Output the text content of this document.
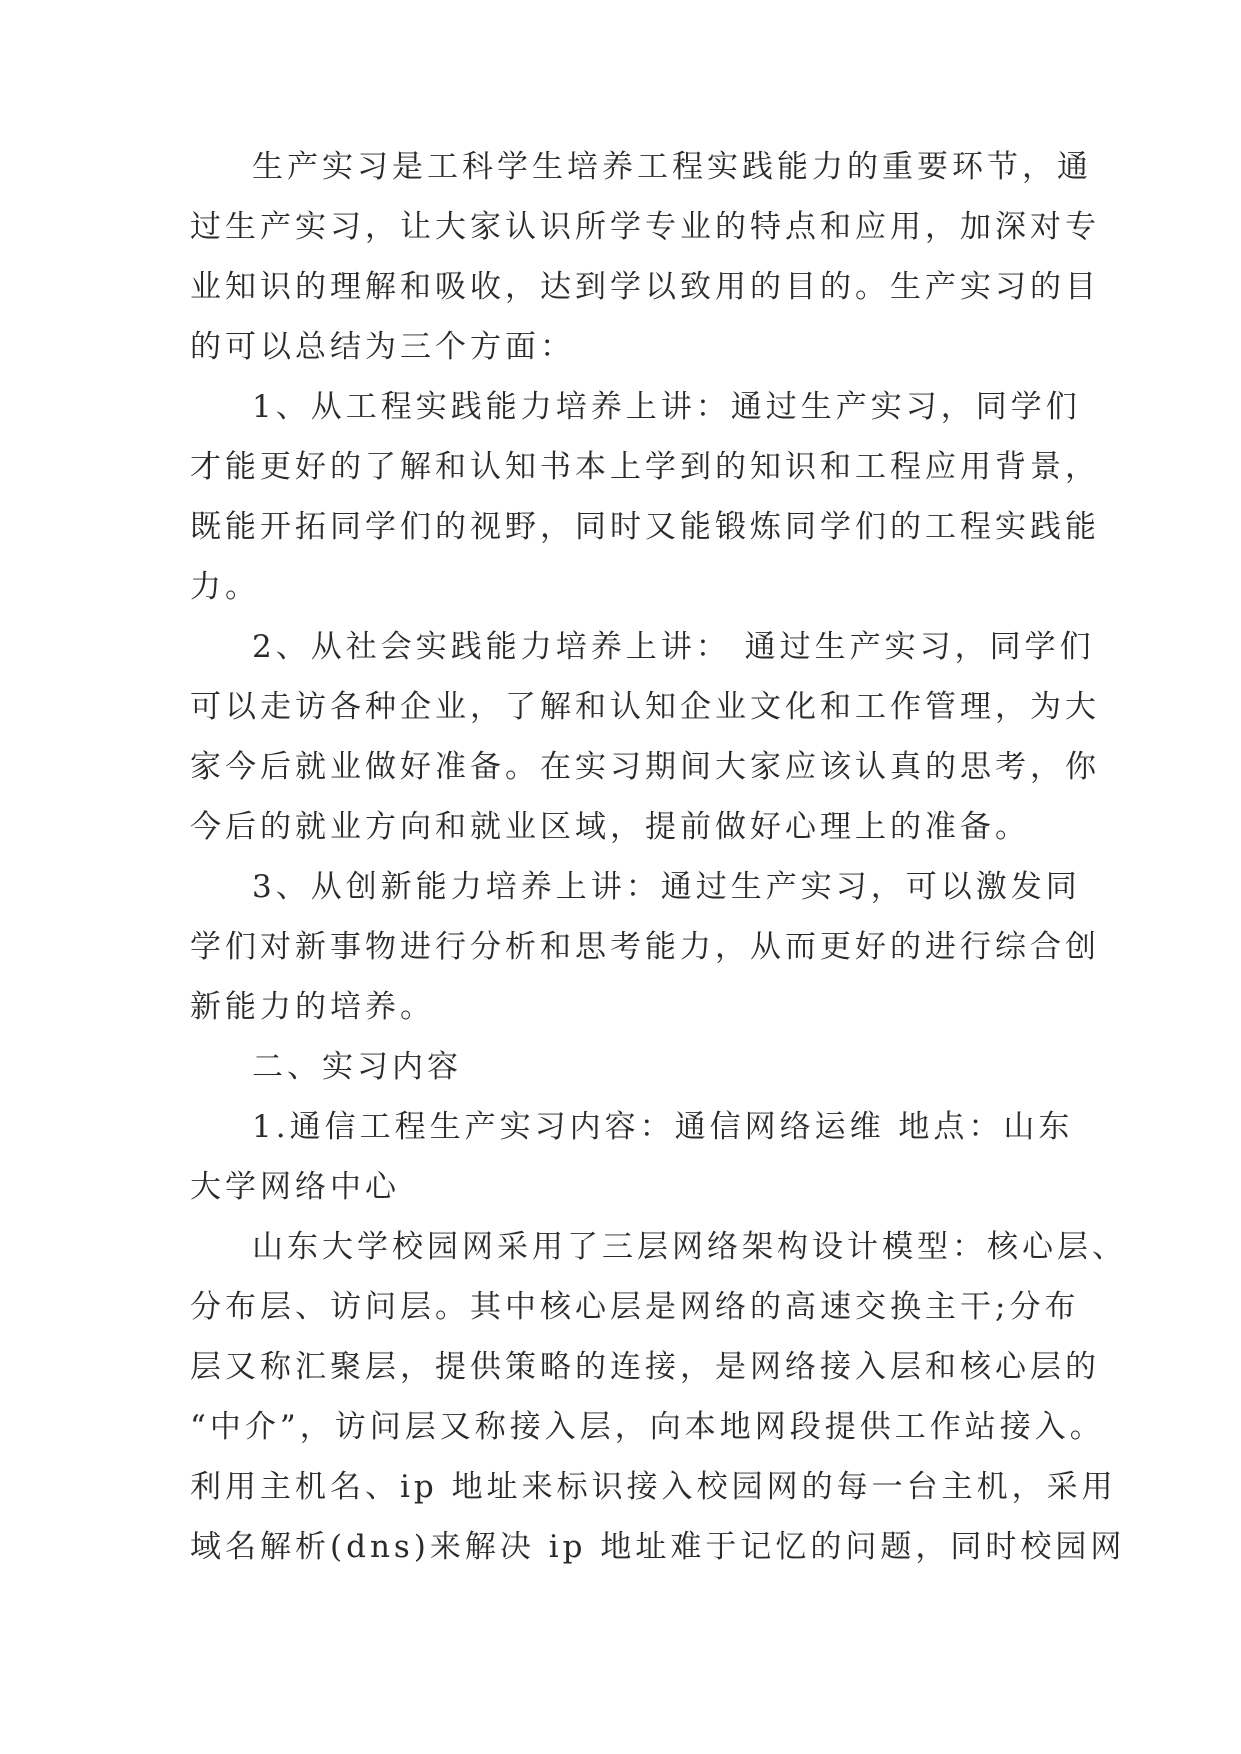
生产实习是工科学生培养工程实践能力的重要环节，通
过生产实习，让大家认识所学专业的特点和应用，加深对专
业知识的理解和吸收，达到学以致用的目的。生产实习的目
的可以总结为三个方面：
1、从工程实践能力培养上讲：通过生产实习，同学们
才能更好的了解和认知书本上学到的知识和工程应用背景，
既能开拓同学们的视野，同时又能锻炼同学们的工程实践能
力。
2、从社会实践能力培养上讲： 通过生产实习，同学们
可以走访各种企业，了解和认知企业文化和工作管理，为大
家今后就业做好准备。在实习期间大家应该认真的思考，你
今后的就业方向和就业区域，提前做好心理上的准备。
3、从创新能力培养上讲：通过生产实习，可以激发同
学们对新事物进行分析和思考能力，从而更好的进行综合创
新能力的培养。
二、实习内容
1.通信工程生产实习内容：通信网络运维 地点：山东
大学网络中心
山东大学校园网采用了三层网络架构设计模型：核心层、
分布层、访问层。其中核心层是网络的高速交换主干;分布
层又称汇聚层，提供策略的连接，是网络接入层和核心层的
“中介”，访问层又称接入层，向本地网段提供工作站接入。
利用主机名、ip 地址来标识接入校园网的每一台主机，采用
域名解析(dns)来解决 ip 地址难于记忆的问题，同时校园网
